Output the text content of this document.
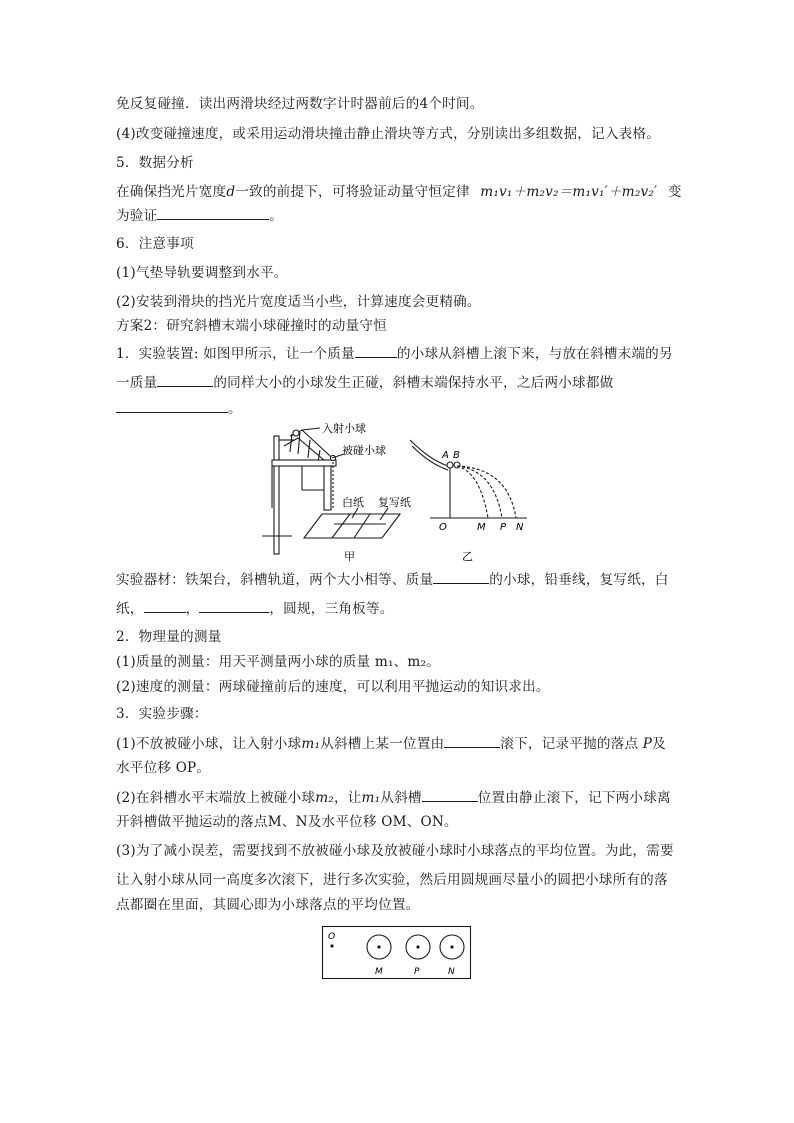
免反复碰撞．读出两滑块经过两数字计时器前后的4个时间。
(4)改变碰撞速度，或采用运动滑块撞击静止滑块等方式，分别读出多组数据，记入表格。
5．数据分析
在确保挡光片宽度d一致的前提下，可将验证动量守恒定律 m₁v₁＋m₂v₂＝m₁v₁′＋m₂v₂′ 变
为验证	。
6．注意事项
(1)气垫导轨要调整到水平。
(2)安装到滑块的挡光片宽度适当小些，计算速度会更精确。
方案2：研究斜槽末端小球碰撞时的动量守恒
1．实验装置: 如图甲所示，让一个质量	的小球从斜槽上滚下来，与放在斜槽末端的另
一质量	的同样大小的小球发生正碰，斜槽末端保持水平，之后两小球都做
。
入射小球
被碰小球
白纸 复写纸
甲
A B
O	M P N
乙
实验器材：铁架台，斜槽轨道，两个大小相等、质量	的小球，铅垂线，复写纸，白
纸，	，	，圆规，三角板等。
2．物理量的测量
(1)质量的测量：用天平测量两小球的质量 m₁、m₂。
(2)速度的测量：两球碰撞前后的速度，可以利用平抛运动的知识求出。
3．实验步骤：
(1)不放被碰小球，让入射小球m₁从斜槽上某一位置由	滚下，记录平抛的落点 P及
水平位移 OP。
(2)在斜槽水平末端放上被碰小球m₂，让m₁从斜槽	位置由静止滚下，记下两小球离
开斜槽做平抛运动的落点M、N及水平位移 OM、ON。
(3)为了减小误差，需要找到不放被碰小球及放被碰小球时小球落点的平均位置。为此，需要
让入射小球从同一高度多次滚下，进行多次实验，然后用圆规画尽量小的圆把小球所有的落
点都圈在里面，其圆心即为小球落点的平均位置。
O
M	P	N
